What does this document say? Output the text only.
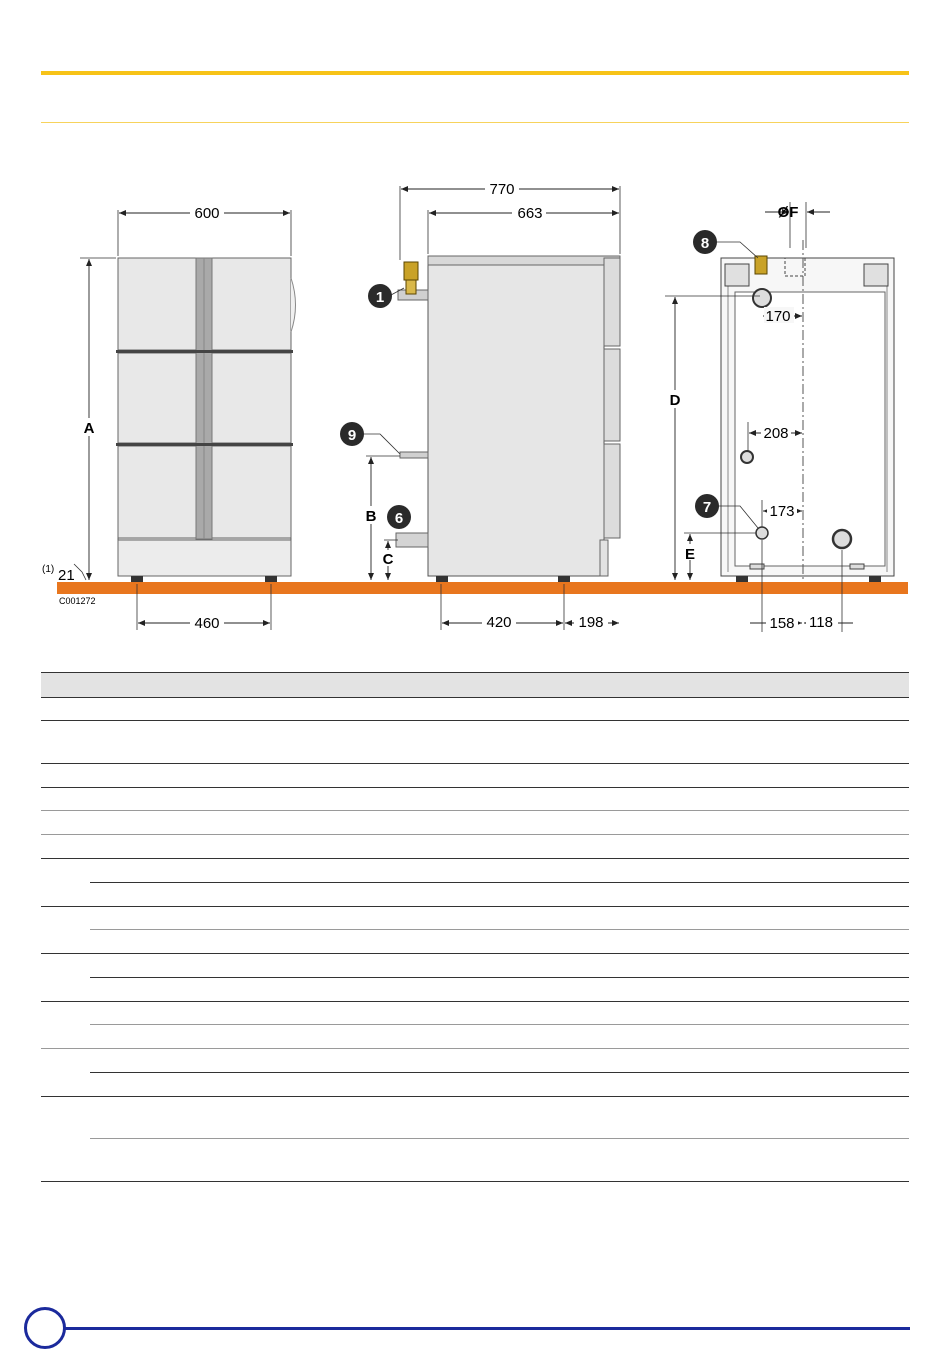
600
A
(1) 21
C001272
460
770
663
B
C
420	198
1
9
6
ØF
D
E
170
208
173
158 118
8
7
